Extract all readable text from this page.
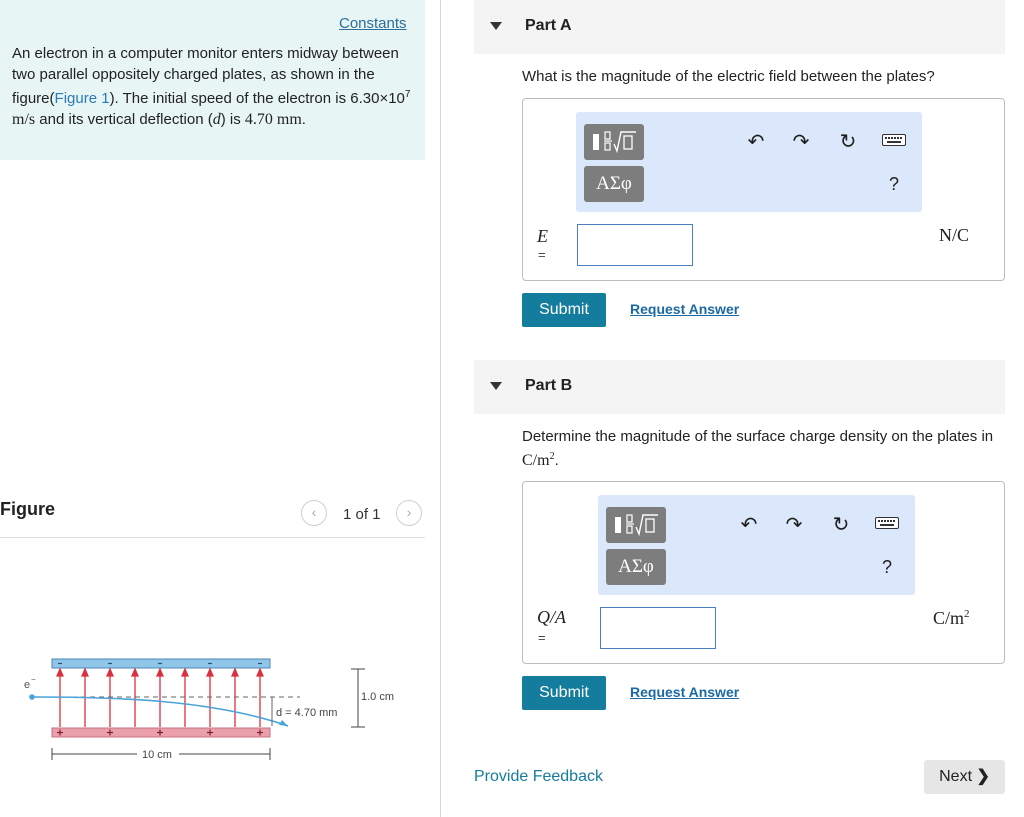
Constants
An electron in a computer monitor enters midway between two parallel oppositely charged plates, as shown in the figure(Figure 1). The initial speed of the electron is $6.30\times 10^7$ m/s and its vertical deflection (d) is 4.70 mm.
Figure	‹	1 of 1	›
e −
d = 4.70 mm
1.0 cm
10 cm
Part A
What is the magnitude of the electric field between the plates?
ΑΣφ
↶ ↷ ↻
?
E
=
N/C
Submit	Request Answer
Part B
Determine the magnitude of the surface charge density on the plates in $C/m^2$.
ΑΣφ
↶ ↷ ↻
?
Q/A
=
$C/m^2$
Submit	Request Answer
Provide Feedback	Next ❯
